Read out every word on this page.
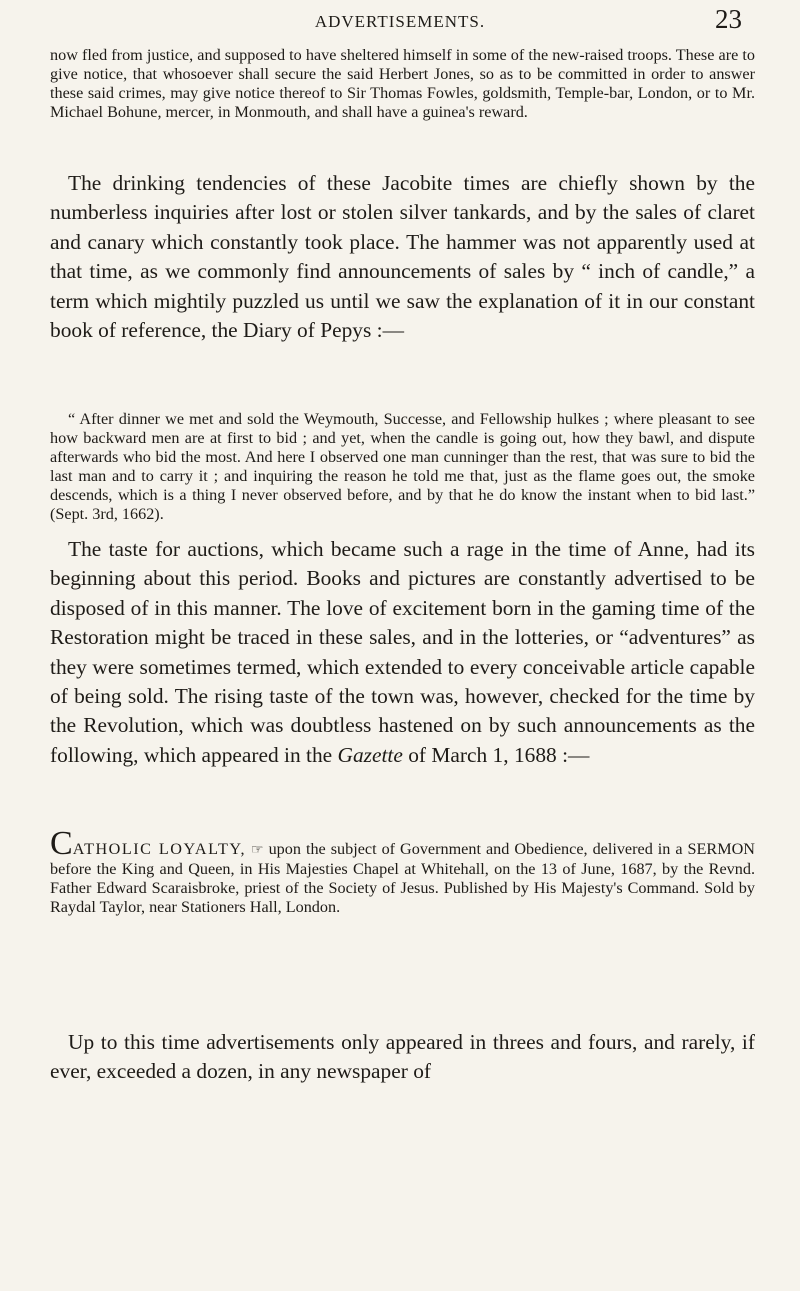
ADVERTISEMENTS.	23

now fled from justice, and supposed to have sheltered himself in some of the new-raised troops. These are to give notice, that whosoever shall secure the said Herbert Jones, so as to be committed in order to answer these said crimes, may give notice thereof to Sir Thomas Fowles, goldsmith, Temple-bar, London, or to Mr. Michael Bohune, mercer, in Monmouth, and shall have a guinea's reward.

The drinking tendencies of these Jacobite times are chiefly shown by the numberless inquiries after lost or stolen silver tankards, and by the sales of claret and canary which constantly took place. The hammer was not apparently used at that time, as we commonly find announcements of sales by “ inch of candle,” a term which mightily puzzled us until we saw the explanation of it in our constant book of reference, the Diary of Pepys :—

“ After dinner we met and sold the Weymouth, Successe, and Fellowship hulkes ; where pleasant to see how backward men are at first to bid ; and yet, when the candle is going out, how they bawl, and dispute afterwards who bid the most. And here I observed one man cunninger than the rest, that was sure to bid the last man and to carry it ; and inquiring the reason he told me that, just as the flame goes out, the smoke descends, which is a thing I never observed before, and by that he do know the instant when to bid last.” (Sept. 3rd, 1662).

The taste for auctions, which became such a rage in the time of Anne, had its beginning about this period. Books and pictures are constantly advertised to be disposed of in this manner. The love of excitement born in the gaming time of the Restoration might be traced in these sales, and in the lotteries, or “adventures” as they were sometimes termed, which extended to every conceivable article capable of being sold. The rising taste of the town was, however, checked for the time by the Revolution, which was doubtless hastened on by such announcements as the following, which appeared in the Gazette of March 1, 1688 :—

CATHOLIC LOYALTY, ☞ upon the subject of Government and Obedience, delivered in a SERMON before the King and Queen, in His Majesties Chapel at Whitehall, on the 13 of June, 1687, by the Revnd. Father Edward Scaraisbroke, priest of the Society of Jesus. Published by His Majesty's Command. Sold by Raydal Taylor, near Stationers Hall, London.

Up to this time advertisements only appeared in threes and fours, and rarely, if ever, exceeded a dozen, in any newspaper of
